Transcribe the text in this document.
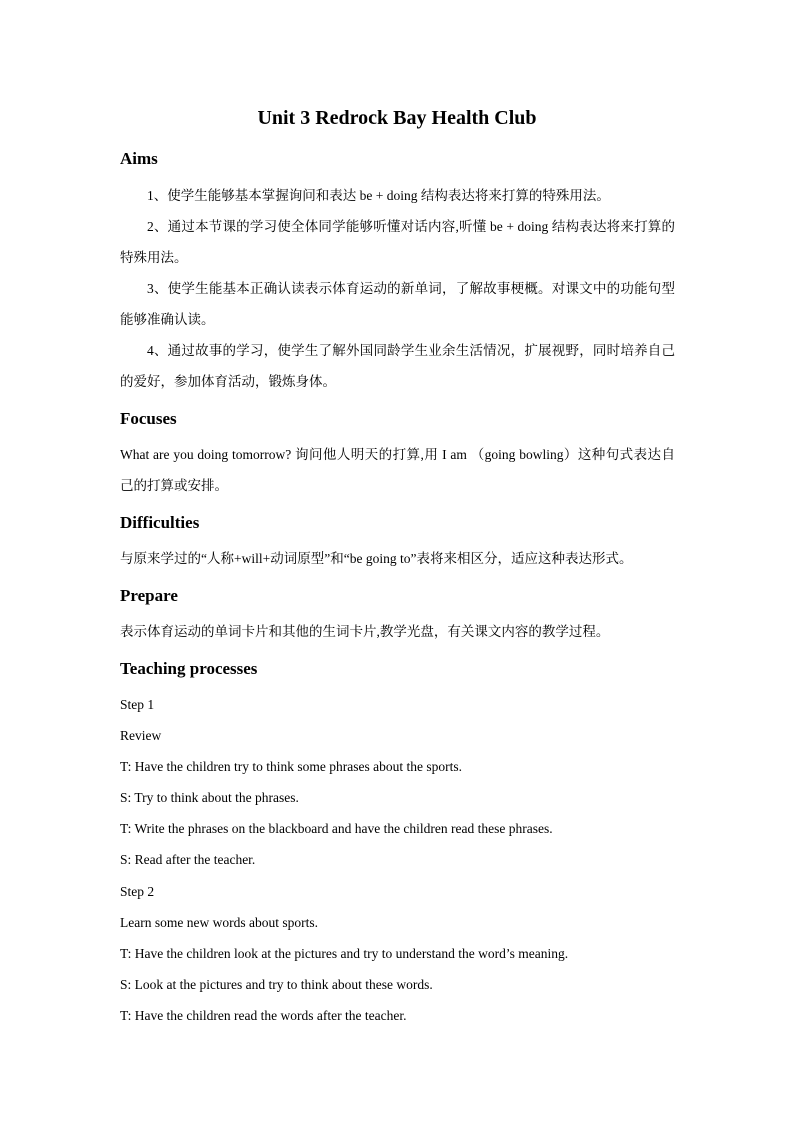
Unit 3 Redrock Bay Health Club
Aims
1、使学生能够基本掌握询问和表达 be + doing 结构表达将来打算的特殊用法。
2、通过本节课的学习使全体同学能够听懂对话内容,听懂 be + doing 结构表达将来打算的特殊用法。
3、使学生能基本正确认读表示体育运动的新单词，了解故事梗概。对课文中的功能句型能够准确认读。
4、通过故事的学习，使学生了解外国同龄学生业余生活情况，扩展视野，同时培养自己的爱好，参加体育活动，锻炼身体。
Focuses
What are you doing tomorrow? 询问他人明天的打算,用 I am （going bowling）这种句式表达自己的打算或安排。
Difficulties
与原来学过的“人称+will+动词原型”和“be going to”表将来相区分，适应这种表达形式。
Prepare
表示体育运动的单词卡片和其他的生词卡片,教学光盘，有关课文内容的教学过程。
Teaching processes
Step 1
Review
T: Have the children try to think some phrases about the sports.
S: Try to think about the phrases.
T: Write the phrases on the blackboard and have the children read these phrases.
S: Read after the teacher.
Step 2
Learn some new words about sports.
T: Have the children look at the pictures and try to understand the word’s meaning.
S: Look at the pictures and try to think about these words.
T: Have the children read the words after the teacher.
